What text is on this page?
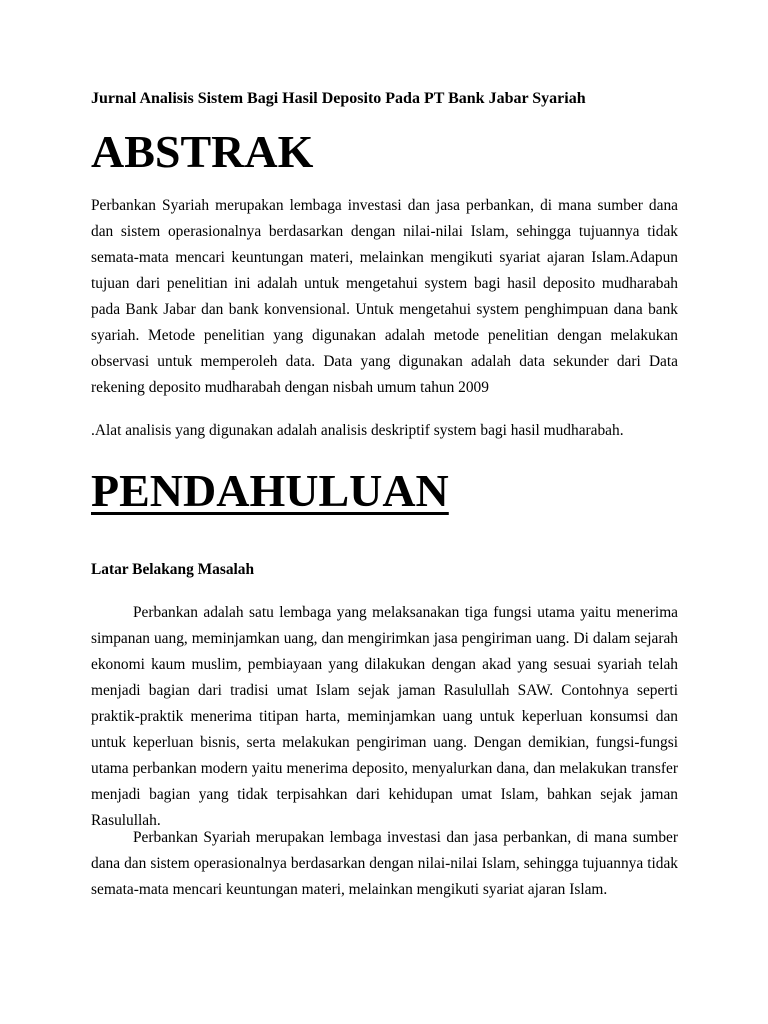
Jurnal Analisis Sistem Bagi Hasil Deposito Pada PT Bank Jabar Syariah

ABSTRAK

Perbankan Syariah merupakan lembaga investasi dan jasa perbankan, di mana sumber dana dan sistem operasionalnya berdasarkan dengan nilai-nilai Islam, sehingga tujuannya tidak semata-mata mencari keuntungan materi, melainkan mengikuti syariat ajaran Islam.Adapun tujuan dari penelitian ini adalah untuk mengetahui system bagi hasil deposito mudharabah pada Bank Jabar dan bank konvensional. Untuk mengetahui system penghimpuan dana bank syariah. Metode penelitian yang digunakan adalah metode penelitian dengan melakukan observasi untuk memperoleh data. Data yang digunakan adalah data sekunder dari Data rekening deposito mudharabah dengan nisbah umum tahun 2009

.Alat analisis yang digunakan adalah analisis deskriptif system bagi hasil mudharabah.

PENDAHULUAN

Latar Belakang Masalah

Perbankan adalah satu lembaga yang melaksanakan tiga fungsi utama yaitu menerima simpanan uang, meminjamkan uang, dan mengirimkan jasa pengiriman uang. Di dalam sejarah ekonomi kaum muslim, pembiayaan yang dilakukan dengan akad yang sesuai syariah telah menjadi bagian dari tradisi umat Islam sejak jaman Rasulullah SAW. Contohnya seperti praktik-praktik menerima titipan harta, meminjamkan uang untuk keperluan konsumsi dan untuk keperluan bisnis, serta melakukan pengiriman uang. Dengan demikian, fungsi-fungsi utama perbankan modern yaitu menerima deposito, menyalurkan dana, dan melakukan transfer menjadi bagian yang tidak terpisahkan dari kehidupan umat Islam, bahkan sejak jaman Rasulullah.

Perbankan Syariah merupakan lembaga investasi dan jasa perbankan, di mana sumber dana dan sistem operasionalnya berdasarkan dengan nilai-nilai Islam, sehingga tujuannya tidak semata-mata mencari keuntungan materi, melainkan mengikuti syariat ajaran Islam.
